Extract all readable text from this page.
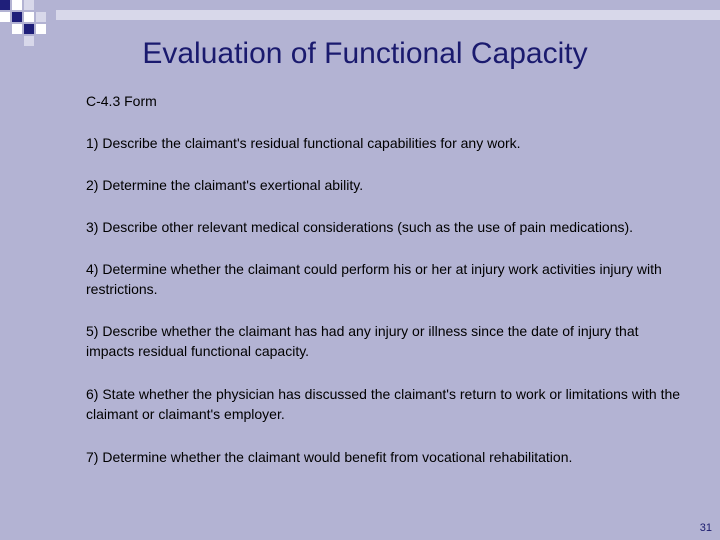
Evaluation of Functional Capacity

C-4.3 Form

1) Describe the claimant's residual functional capabilities for any work.

2) Determine the claimant's exertional ability.

3) Describe other relevant medical considerations (such as the use of pain medications).

4) Determine whether the claimant could perform his or her at injury work activities injury with restrictions.

5) Describe whether the claimant has had any injury or illness since the date of injury that impacts residual functional capacity.

6) State whether the physician has discussed the claimant's return to work or limitations with the claimant or claimant's employer.

7) Determine whether the claimant would benefit from vocational rehabilitation.

31
